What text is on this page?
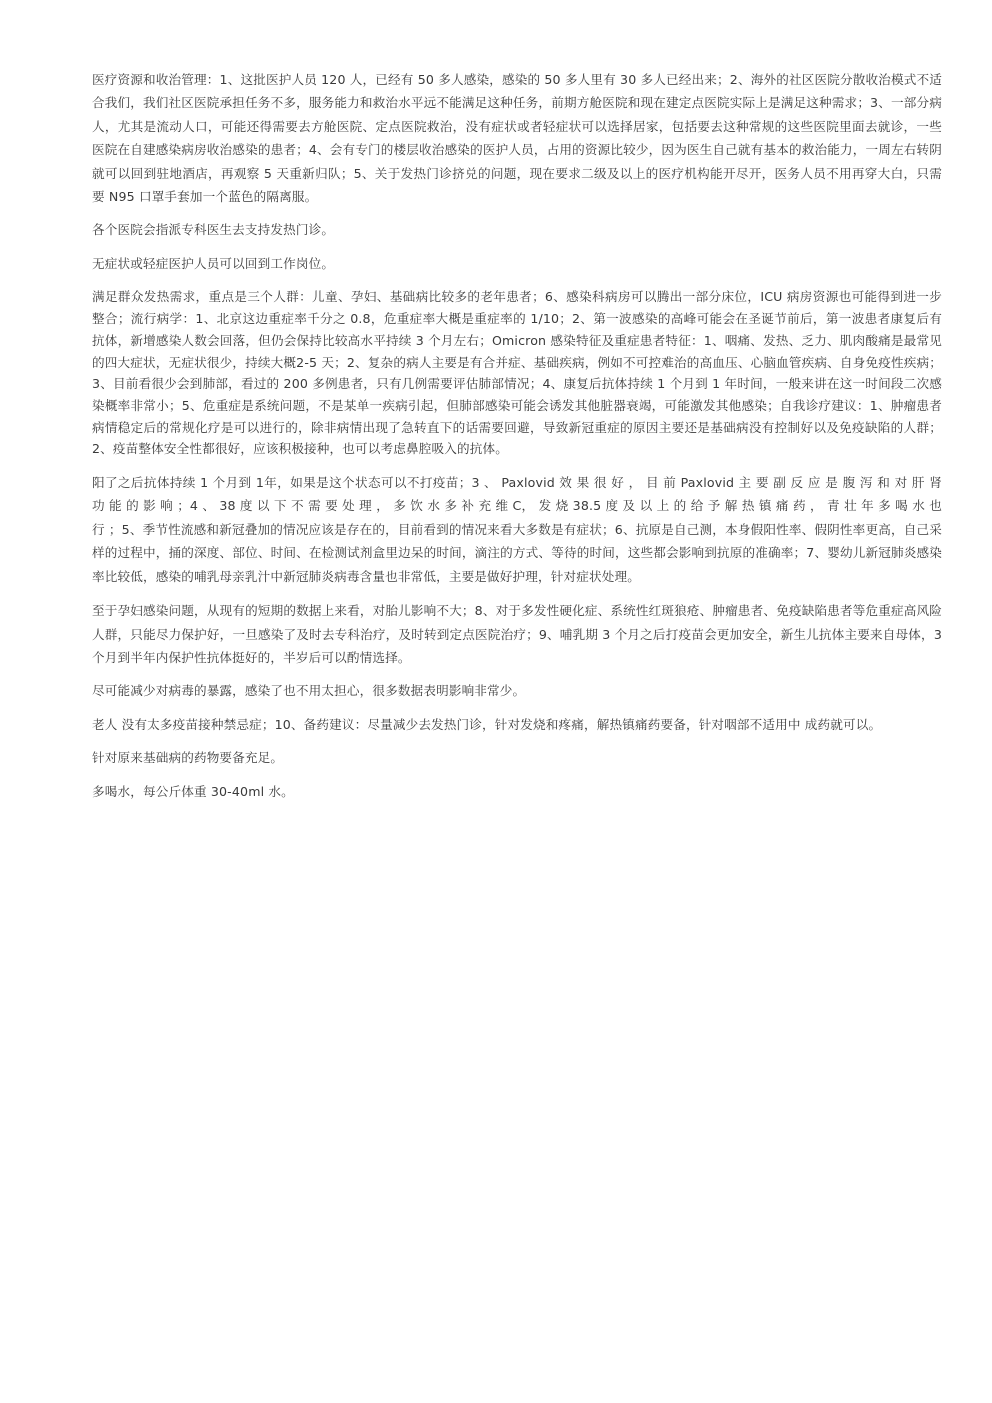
医疗资源和收治管理：1、这批医护人员 120 人，已经有 50 多人感染，感染的 50 多人里有 30 多人已经出来；2、海外的社区医院分散收治模式不适合我们，我们社区医院承担任务不多，服务能力和救治水平远不能满足这种任务，前期方舱医院和现在建定点医院实际上是满足这种需求；3、一部分病人，尤其是流动人口，可能还得需要去方舱医院、定点医院救治，没有症状或者轻症状可以选择居家，包括要去这种常规的这些医院里面去就诊，一些医院在自建感染病房收治感染的患者；4、会有专门的楼层收治感染的医护人员，占用的资源比较少，因为医生自己就有基本的救治能力，一周左右转阴就可以回到驻地酒店，再观察 5 天重新归队；5、关于发热门诊挤兑的问题，现在要求二级及以上的医疗机构能开尽开，医务人员不用再穿大白，只需要 N95 口罩手套加一个蓝色的隔离服。

各个医院会指派专科医生去支持发热门诊。

无症状或轻症医护人员可以回到工作岗位。

满足群众发热需求，重点是三个人群：儿童、孕妇、基础病比较多的老年患者；6、感染科病房可以腾出一部分床位，ICU 病房资源也可能得到进一步整合；流行病学：1、北京这边重症率千分之 0.8，危重症率大概是重症率的 1/10；2、第一波感染的高峰可能会在圣诞节前后，第一波患者康复后有抗体，新增感染人数会回落，但仍会保持比较高水平持续 3 个月左右；Omicron 感染特征及重症患者特征：1、咽痛、发热、乏力、肌肉酸痛是最常见的四大症状，无症状很少，持续大概2-5 天；2、复杂的病人主要是有合并症、基础疾病，例如不可控难治的高血压、心脑血管疾病、自身免疫性疾病；3、目前看很少会到肺部，看过的 200 多例患者，只有几例需要评估肺部情况；4、康复后抗体持续 1 个月到 1 年时间，一般来讲在这一时间段二次感染概率非常小；5、危重症是系统问题，不是某单一疾病引起，但肺部感染可能会诱发其他脏器衰竭，可能激发其他感染；自我诊疗建议：1、肿瘤患者病情稳定后的常规化疗是可以进行的，除非病情出现了急转直下的话需要回避，导致新冠重症的原因主要还是基础病没有控制好以及免疫缺陷的人群；2、疫苗整体安全性都很好，应该积极接种，也可以考虑鼻腔吸入的抗体。

阳了之后抗体持续 1 个月到 1年，如果是这个状态可以不打疫苗；3 、 Paxlovid 效 果 很 好 ， 目 前 Paxlovid 主 要 副 反 应 是 腹 泻 和 对 肝 肾 功 能 的 影 响 ；4 、 38 度 以 下 不 需 要 处 理 ， 多 饮 水 多 补 充 维 C， 发 烧 38.5 度 及 以 上 的 给 予 解 热 镇 痛 药 ， 青 壮 年 多 喝 水 也 行 ；5、季节性流感和新冠叠加的情况应该是存在的，目前看到的情况来看大多数是有症状；6、抗原是自己测，本身假阳性率、假阴性率更高，自己采样的过程中，捅的深度、部位、时间、在检测试剂盒里边呆的时间，滴注的方式、等待的时间，这些都会影响到抗原的准确率；7、婴幼儿新冠肺炎感染率比较低，感染的哺乳母亲乳汁中新冠肺炎病毒含量也非常低，主要是做好护理，针对症状处理。

至于孕妇感染问题，从现有的短期的数据上来看，对胎儿影响不大；8、对于多发性硬化症、系统性红斑狼疮、肿瘤患者、免疫缺陷患者等危重症高风险人群，只能尽力保护好，一旦感染了及时去专科治疗，及时转到定点医院治疗；9、哺乳期 3 个月之后打疫苗会更加安全，新生儿抗体主要来自母体，3 个月到半年内保护性抗体挺好的，半岁后可以酌情选择。

尽可能减少对病毒的暴露，感染了也不用太担心，很多数据表明影响非常少。

老人 没有太多疫苗接种禁忌症；10、备药建议：尽量减少去发热门诊，针对发烧和疼痛，解热镇痛药要备，针对咽部不适用中 成药就可以。

针对原来基础病的药物要备充足。

多喝水，每公斤体重 30-40ml 水。
